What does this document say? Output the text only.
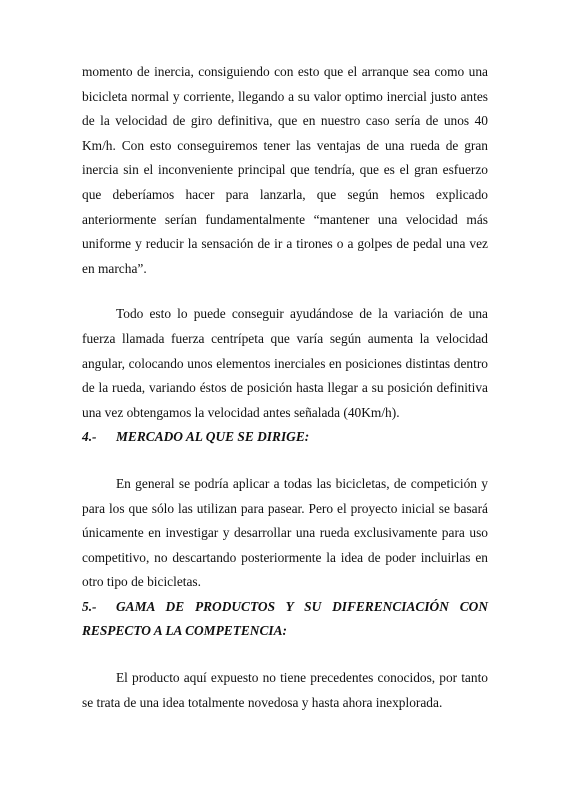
momento de inercia, consiguiendo con esto que el arranque sea como una bicicleta normal y corriente, llegando a su valor optimo inercial justo antes de la velocidad de giro definitiva, que en nuestro caso sería de unos 40 Km/h. Con esto conseguiremos tener las ventajas de una rueda de gran inercia sin el inconveniente principal que tendría, que es el gran esfuerzo que deberíamos hacer para lanzarla, que según hemos explicado anteriormente serían fundamentalmente “mantener una velocidad más uniforme y reducir la sensación de ir a tirones o a golpes de pedal una vez en marcha”.

Todo esto lo puede conseguir ayudándose de la variación de una fuerza llamada fuerza centrípeta que varía según aumenta la velocidad angular, colocando unos elementos inerciales en posiciones distintas dentro de la rueda, variando éstos de posición hasta llegar a su posición definitiva una vez obtengamos la velocidad antes señalada (40Km/h).

4.- MERCADO AL QUE SE DIRIGE:

En general se podría aplicar a todas las bicicletas, de competición y para los que sólo las utilizan para pasear. Pero el proyecto inicial se basará únicamente en investigar y desarrollar una rueda exclusivamente para uso competitivo, no descartando posteriormente la idea de poder incluirlas en otro tipo de bicicletas.

5.-	GAMA DE PRODUCTOS Y SU DIFERENCIACIÓN CON
RESPECTO A LA COMPETENCIA:

El producto aquí expuesto no tiene precedentes conocidos, por tanto se trata de una idea totalmente novedosa y hasta ahora inexplorada.
